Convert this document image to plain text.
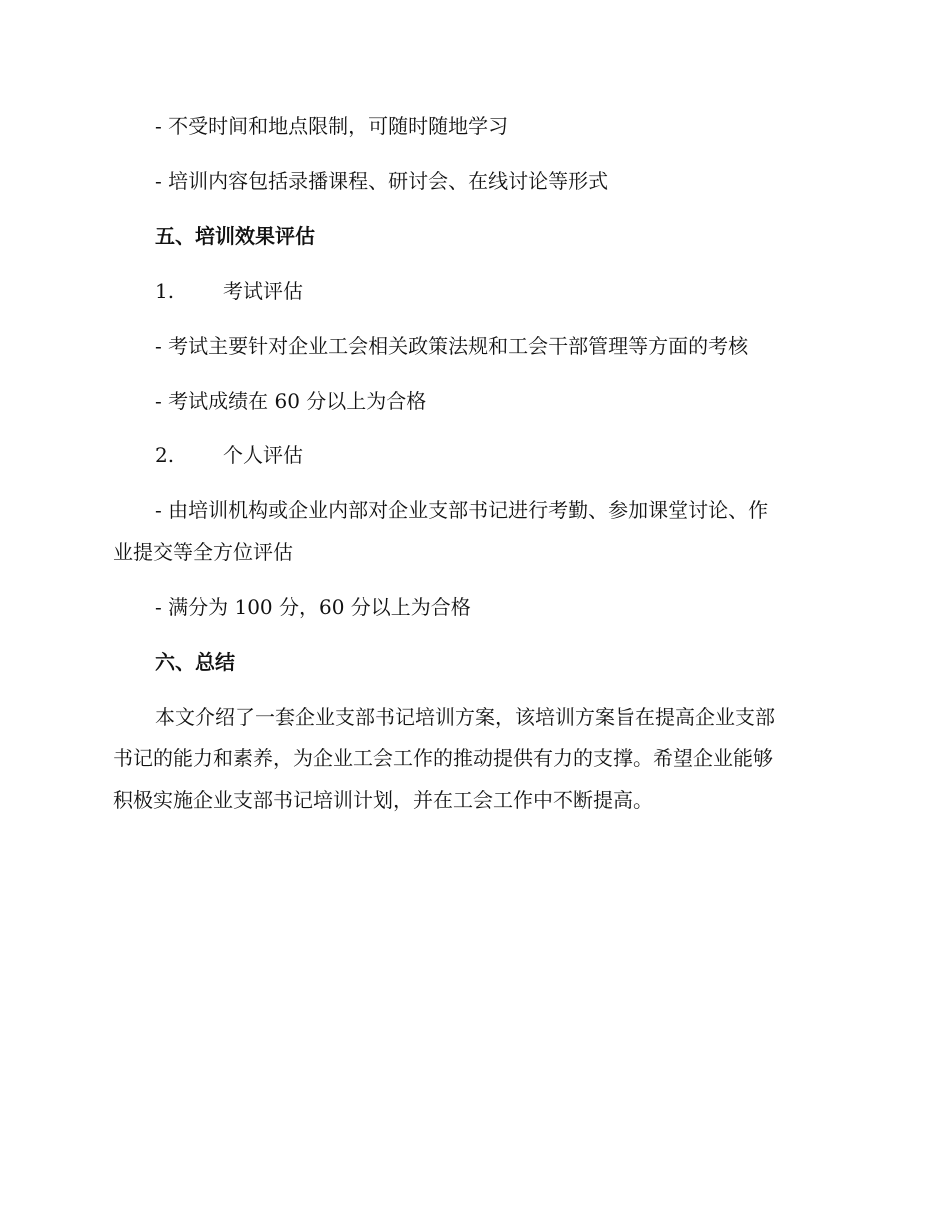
- 不受时间和地点限制，可随时随地学习
- 培训内容包括录播课程、研讨会、在线讨论等形式
五、培训效果评估
1. 考试评估
- 考试主要针对企业工会相关政策法规和工会干部管理等方面的考核
- 考试成绩在 60 分以上为合格
2. 个人评估
- 由培训机构或企业内部对企业支部书记进行考勤、参加课堂讨论、作
业提交等全方位评估
- 满分为 100 分，60 分以上为合格
六、总结
本文介绍了一套企业支部书记培训方案，该培训方案旨在提高企业支部
书记的能力和素养，为企业工会工作的推动提供有力的支撑。希望企业能够
积极实施企业支部书记培训计划，并在工会工作中不断提高。
